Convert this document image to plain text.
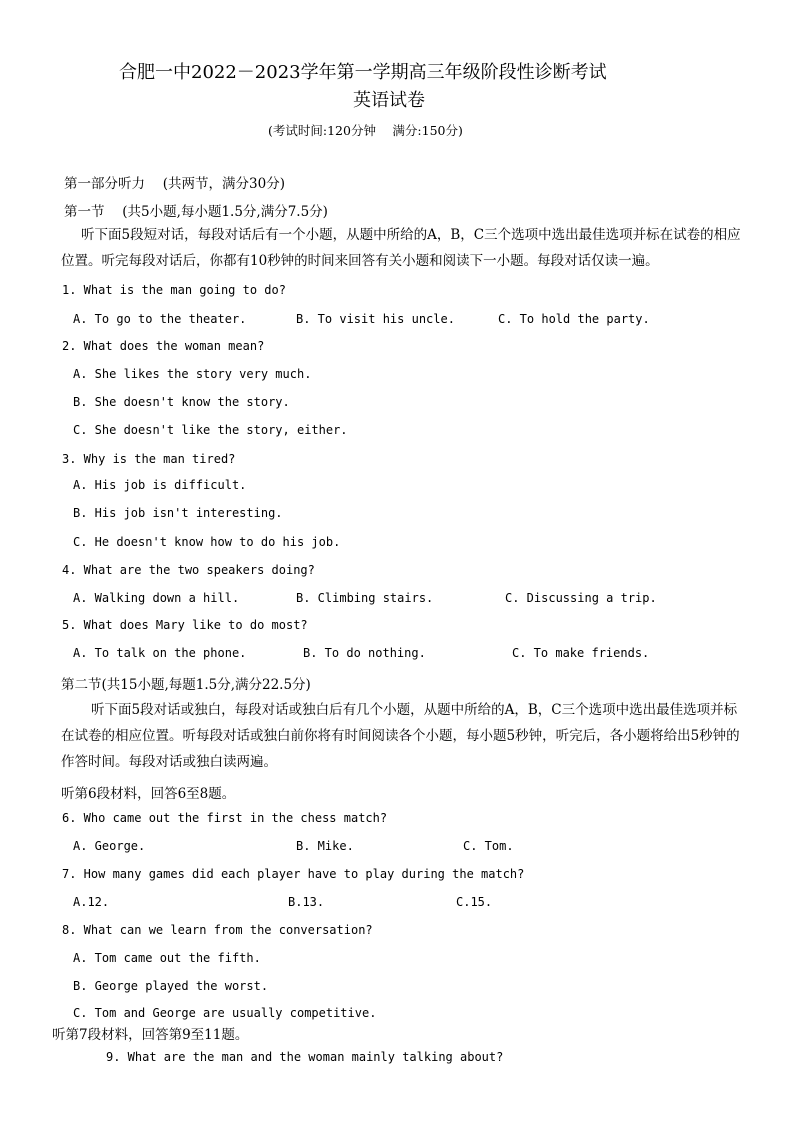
合肥一中2022－2023学年第一学期高三年级阶段性诊断考试
英语试卷
(考试时间:120分钟　 满分:150分)
第一部分听力　 (共两节，满分30分)
第一节　 (共5小题,每小题1.5分,满分7.5分)
听下面5段短对话，每段对话后有一个小题，从题中所给的A，B，C三个选项中选出最佳选项并标在试卷的相应位置。听完每段对话后，你都有10秒钟的时间来回答有关小题和阅读下一小题。每段对话仅读一遍。
1. What is the man going to do?
A. To go to the theater.	B. To visit his uncle.	C. To hold the party.
2. What does the woman mean?
A. She likes the story very much.
B. She doesn't know the story.
C. She doesn't like the story, either.
3. Why is the man tired?
A. His job is difficult.
B. His job isn't interesting.
C. He doesn't know how to do his job.
4. What are the two speakers doing?
A. Walking down a hill.	B. Climbing stairs.	C. Discussing a trip.
5. What does Mary like to do most?
A. To talk on the phone.	B. To do nothing.	C. To make friends.
第二节(共15小题,每题1.5分,满分22.5分)
听下面5段对话或独白，每段对话或独白后有几个小题，从题中所给的A，B，C三个选项中选出最佳选项并标在试卷的相应位置。听每段对话或独白前你将有时间阅读各个小题，每小题5秒钟，听完后，各小题将给出5秒钟的作答时间。每段对话或独白读两遍。
听第6段材料，回答6至8题。
6. Who came out the first in the chess match?
A. George.	B. Mike.	C. Tom.
7. How many games did each player have to play during the match?
A.12.	B.13.	C.15.
8. What can we learn from the conversation?
A. Tom came out the fifth.
B. George played the worst.
C. Tom and George are usually competitive.
听第7段材料，回答第9至11题。
9. What are the man and the woman mainly talking about?
